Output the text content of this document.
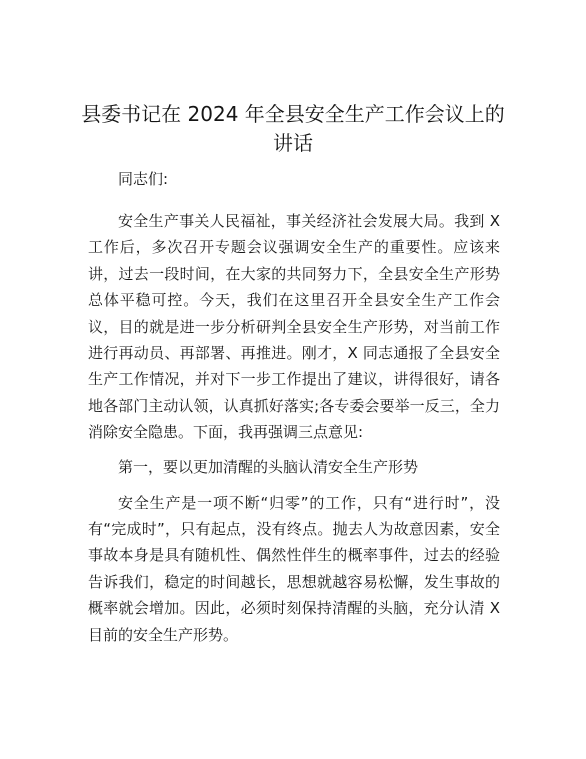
县委书记在 2024 年全县安全生产工作会议上的讲话

同志们:

安全生产事关人民福祉，事关经济社会发展大局。我到 X 工作后，多次召开专题会议强调安全生产的重要性。应该来讲，过去一段时间，在大家的共同努力下，全县安全生产形势总体平稳可控。今天，我们在这里召开全县安全生产工作会议，目的就是进一步分析研判全县安全生产形势，对当前工作进行再动员、再部署、再推进。刚才，X 同志通报了全县安全生产工作情况，并对下一步工作提出了建议，讲得很好，请各地各部门主动认领，认真抓好落实;各专委会要举一反三，全力消除安全隐患。下面，我再强调三点意见:

第一，要以更加清醒的头脑认清安全生产形势

安全生产是一项不断“归零”的工作，只有“进行时”，没有“完成时”，只有起点，没有终点。抛去人为故意因素，安全事故本身是具有随机性、偶然性伴生的概率事件，过去的经验告诉我们，稳定的时间越长，思想就越容易松懈，发生事故的概率就会增加。因此，必须时刻保持清醒的头脑，充分认清 X 目前的安全生产形势。
